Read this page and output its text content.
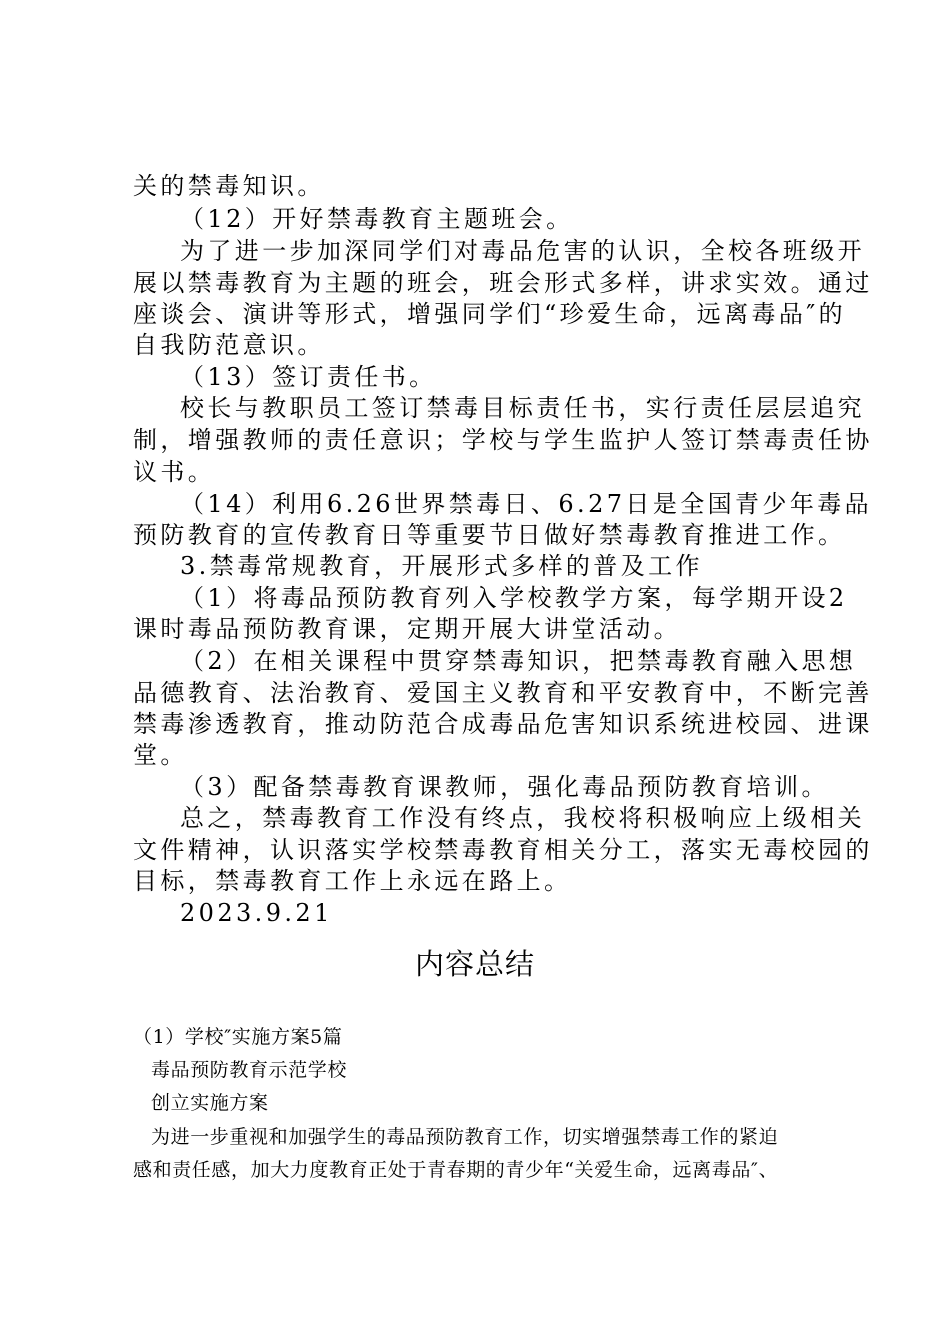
关的禁毒知识。
（12）开好禁毒教育主题班会。
为了进一步加深同学们对毒品危害的认识，全校各班级开
展以禁毒教育为主题的班会，班会形式多样，讲求实效。通过
座谈会、演讲等形式，增强同学们“珍爱生命，远离毒品″的
自我防范意识。
（13）签订责任书。
校长与教职员工签订禁毒目标责任书，实行责任层层追究
制，增强教师的责任意识；学校与学生监护人签订禁毒责任协
议书。
（14）利用6.26世界禁毒日、6.27日是全国青少年毒品
预防教育的宣传教育日等重要节日做好禁毒教育推进工作。
3.禁毒常规教育，开展形式多样的普及工作
（1）将毒品预防教育列入学校教学方案，每学期开设2
课时毒品预防教育课，定期开展大讲堂活动。
（2）在相关课程中贯穿禁毒知识，把禁毒教育融入思想
品德教育、法治教育、爱国主义教育和平安教育中，不断完善
禁毒渗透教育，推动防范合成毒品危害知识系统进校园、进课
堂。
（3）配备禁毒教育课教师，强化毒品预防教育培训。
总之，禁毒教育工作没有终点，我校将积极响应上级相关
文件精神，认识落实学校禁毒教育相关分工，落实无毒校园的
目标，禁毒教育工作上永远在路上。
2023.9.21
内容总结
（1）学校″实施方案5篇
毒品预防教育示范学校
创立实施方案
为进一步重视和加强学生的毒品预防教育工作，切实增强禁毒工作的紧迫
感和责任感，加大力度教育正处于青春期的青少年“关爱生命，远离毒品″、
